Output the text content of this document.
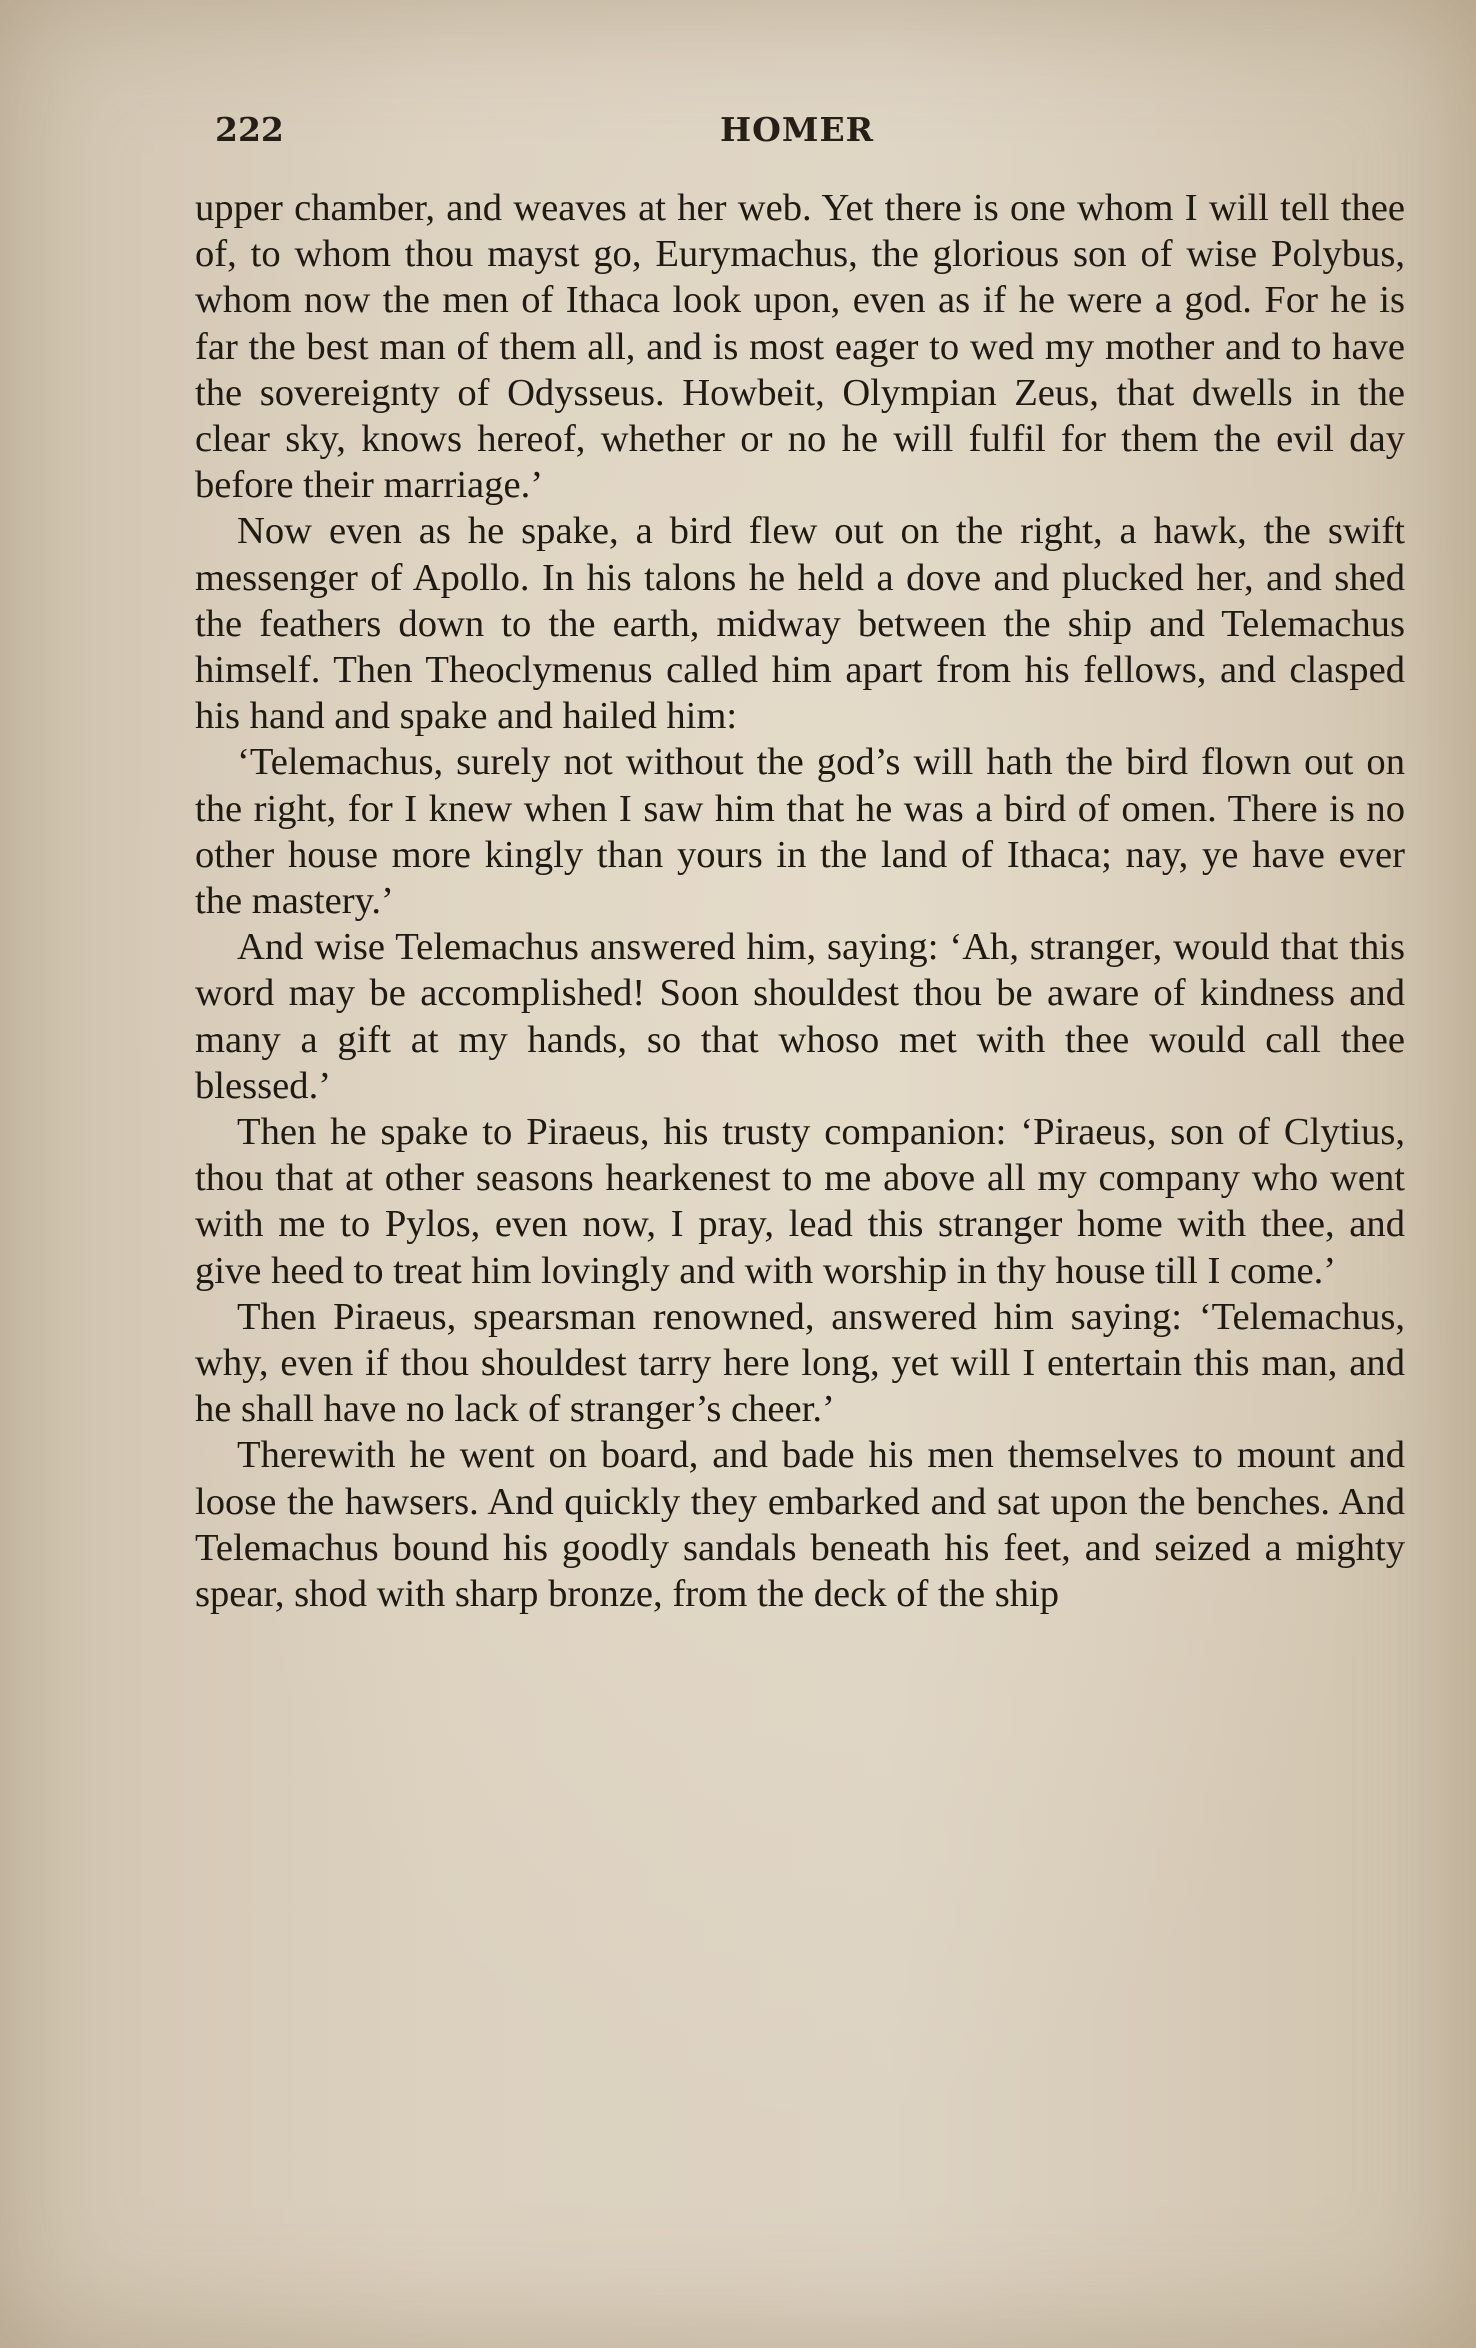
222	HOMER

upper chamber, and weaves at her web. Yet there is one whom I will tell thee of, to whom thou mayst go, Eurymachus, the glorious son of wise Polybus, whom now the men of Ithaca look upon, even as if he were a god. For he is far the best man of them all, and is most eager to wed my mother and to have the sovereignty of Odysseus. Howbeit, Olympian Zeus, that dwells in the clear sky, knows hereof, whether or no he will fulfil for them the evil day before their marriage.’

Now even as he spake, a bird flew out on the right, a hawk, the swift messenger of Apollo. In his talons he held a dove and plucked her, and shed the feathers down to the earth, midway between the ship and Telemachus himself. Then Theoclymenus called him apart from his fellows, and clasped his hand and spake and hailed him:

‘Telemachus, surely not without the god’s will hath the bird flown out on the right, for I knew when I saw him that he was a bird of omen. There is no other house more kingly than yours in the land of Ithaca; nay, ye have ever the mastery.’

And wise Telemachus answered him, saying: ‘Ah, stranger, would that this word may be accomplished! Soon shouldest thou be aware of kindness and many a gift at my hands, so that whoso met with thee would call thee blessed.’

Then he spake to Piraeus, his trusty companion: ‘Piraeus, son of Clytius, thou that at other seasons hearkenest to me above all my company who went with me to Pylos, even now, I pray, lead this stranger home with thee, and give heed to treat him lovingly and with worship in thy house till I come.’

Then Piraeus, spearsman renowned, answered him saying: ‘Telemachus, why, even if thou shouldest tarry here long, yet will I entertain this man, and he shall have no lack of stranger’s cheer.’

Therewith he went on board, and bade his men themselves to mount and loose the hawsers. And quickly they embarked and sat upon the benches. And Telemachus bound his goodly sandals beneath his feet, and seized a mighty spear, shod with sharp bronze, from the deck of the ship
